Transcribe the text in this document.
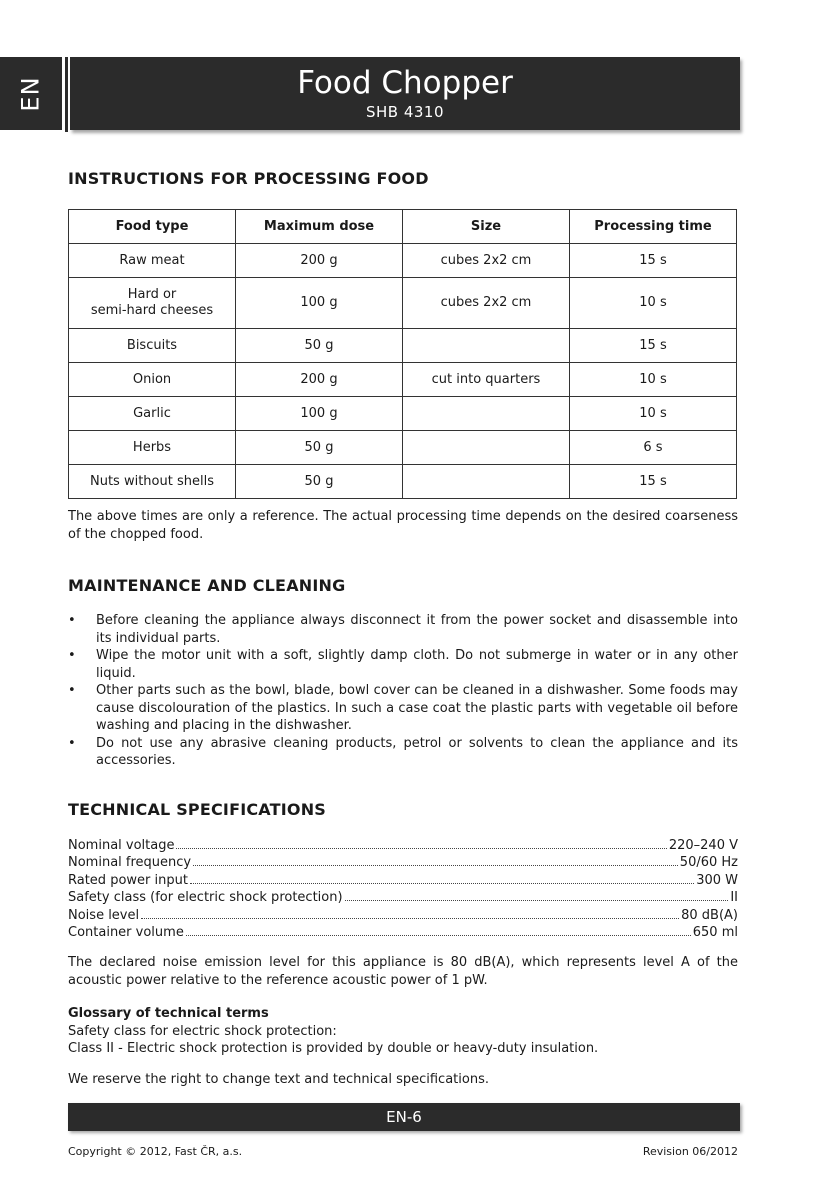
EN	Food Chopper
SHB 4310
INSTRUCTIONS FOR PROCESSING FOOD
Food type	Maximum dose	Size	Processing time
Raw meat	200 g	cubes 2x2 cm	15 s
Hard or
semi-hard cheeses	100 g	cubes 2x2 cm	10 s
Biscuits	50 g		15 s
Onion	200 g	cut into quarters	10 s
Garlic	100 g		10 s
Herbs	50 g		6 s
Nuts without shells	50 g		15 s

The above times are only a reference. The actual processing time depends on the desired coarseness of the chopped food.

MAINTENANCE AND CLEANING
• Before cleaning the appliance always disconnect it from the power socket and disassemble into its individual parts.
• Wipe the motor unit with a soft, slightly damp cloth. Do not submerge in water or in any other liquid.
• Other parts such as the bowl, blade, bowl cover can be cleaned in a dishwasher. Some foods may cause discolouration of the plastics. In such a case coat the plastic parts with vegetable oil before washing and placing in the dishwasher.
• Do not use any abrasive cleaning products, petrol or solvents to clean the appliance and its accessories.
TECHNICAL SPECIFICATIONS
Nominal voltage	220–240 V
Nominal frequency	50/60 Hz
Rated power input	300 W
Safety class (for electric shock protection)	II
Noise level	80 dB(A)
Container volume	650 ml

The declared noise emission level for this appliance is 80 dB(A), which represents level A of the acoustic power relative to the reference acoustic power of 1 pW.

Glossary of technical terms
Safety class for electric shock protection:
Class II - Electric shock protection is provided by double or heavy-duty insulation.
We reserve the right to change text and technical specifications.
EN-6
Copyright © 2012, Fast ČR, a.s.	Revision 06/2012
